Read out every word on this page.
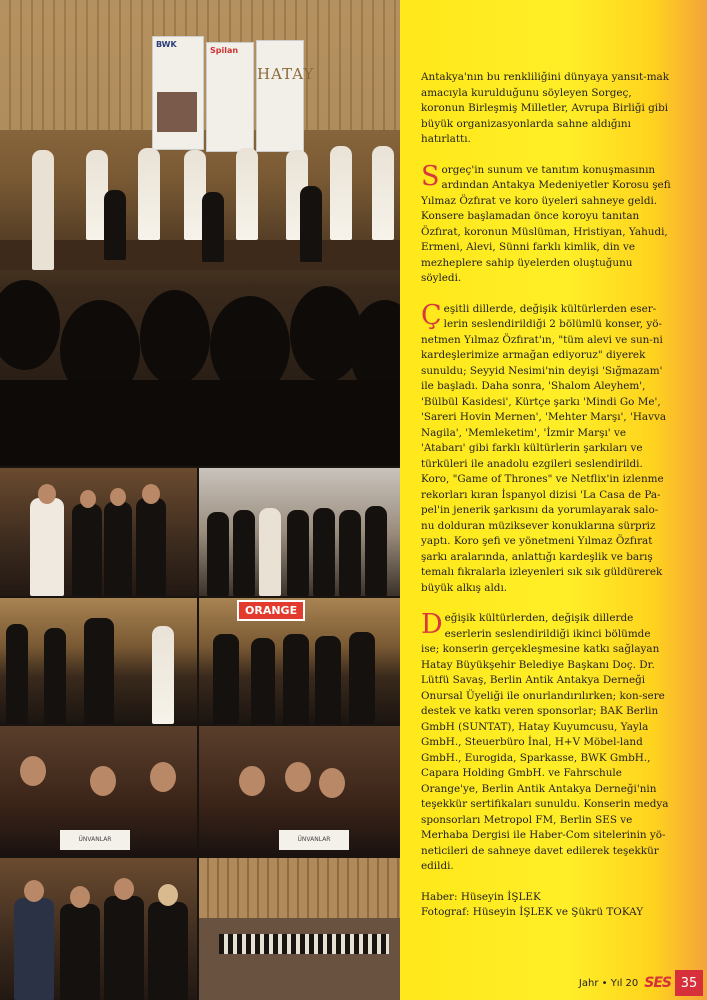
BWK
Spilan
HATAY
ORANGE
ÜNVANLAR	ÜNVANLAR

Antakya'nın bu renkliliğini dünyaya yansıt-mak amacıyla kurulduğunu söyleyen Sorgeç, koronun Birleşmiş Milletler, Avrupa Birliği gibi büyük organizasyonlarda sahne aldığını hatırlattı.

Sorgeç'in sunum ve tanıtım konuşmasının ardından Antakya Medeniyetler Korosu şefi Yılmaz Özfırat ve koro üyeleri sahneye geldi. Konsere başlamadan önce koroyu tanıtan Özfırat, koronun Müslüman, Hristiyan, Yahudi, Ermeni, Alevi, Sünni farklı kimlik, din ve mezheplere sahip üyelerden oluştuğunu söyledi.

Çeşitli dillerde, değişik kültürlerden eser-lerin seslendirildiği 2 bölümlü konser, yö-netmen Yılmaz Özfırat'ın, "tüm alevi ve sun-ni kardeşlerimize armağan ediyoruz" diyerek sunuldu; Seyyid Nesimi'nin deyişi 'Sığmazam' ile başladı. Daha sonra, 'Shalom Aleyhem', 'Bülbül Kasidesi', Kürtçe şarkı 'Mindi Go Me', 'Sareri Hovin Mernen', 'Mehter Marşı', 'Havva Nagila', 'Memleketim', 'İzmir Marşı' ve 'Atabarı' gibi farklı kültürlerin şarkıları ve türküleri ile anadolu ezgileri seslendirildi. Koro, "Game of Thrones" ve Netflix'in izlenme rekorları kıran İspanyol dizisi 'La Casa de Pa-pel'in jenerik şarkısını da yorumlayarak salo-nu dolduran müziksever konuklarına sürpriz yaptı. Koro şefi ve yönetmeni Yılmaz Özfırat şarkı aralarında, anlattığı kardeşlik ve barış temalı fıkralarla izleyenleri sık sık güldürerek büyük alkış aldı.

Değişik kültürlerden, değişik dillerde eserlerin seslendirildiği ikinci bölümde ise; konserin gerçekleşmesine katkı sağlayan Hatay Büyükşehir Belediye Başkanı Doç. Dr. Lütfü Savaş, Berlin Antik Antakya Derneği Onursal Üyeliği ile onurlandırılırken; kon-sere destek ve katkı veren sponsorlar; BAK Berlin GmbH (SUNTAT), Hatay Kuyumcusu, Yayla GmbH., Steuerbüro İnal, H+V Möbel-land GmbH., Eurogida, Sparkasse, BWK GmbH., Capara Holding GmbH. ve Fahrschule Orange'ye, Berlin Antik Antakya Derneği'nin teşekkür sertifikaları sunuldu. Konserin medya sponsorları Metropol FM, Berlin SES ve Merhaba Dergisi ile Haber-Com sitelerinin yö-neticileri de sahneye davet edilerek teşekkür edildi.

Haber: Hüseyin İŞLEK
Fotograf: Hüseyin İŞLEK ve Şükrü TOKAY
Jahr • Yıl 20 SES 35
